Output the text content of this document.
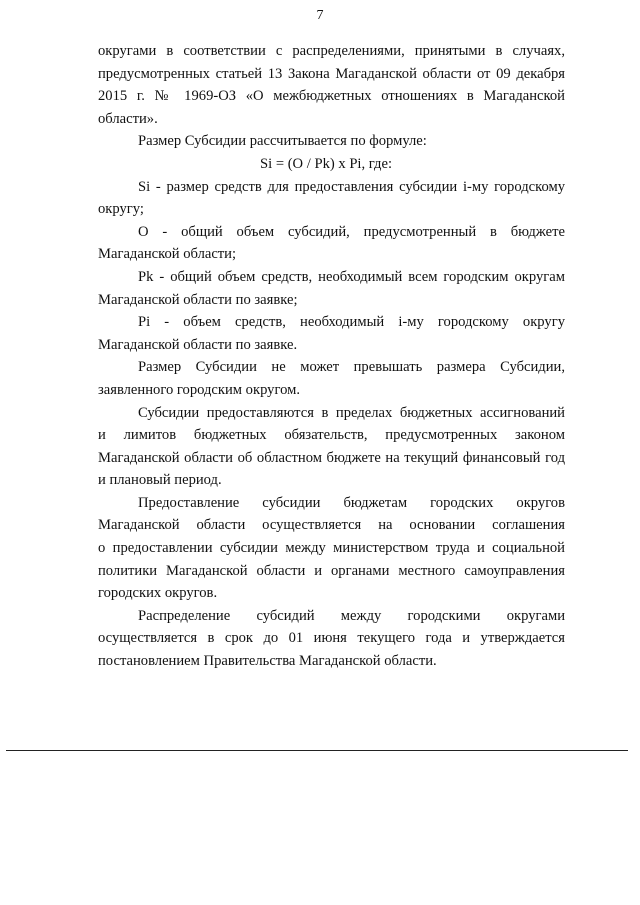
7

округами в соответствии с распределениями, принятыми в случаях,

предусмотренных статьей 13 Закона Магаданской области от 09 декабря

2015 г. № 1969-ОЗ «О межбюджетных отношениях в Магаданской

области».

Размер Субсидии рассчитывается по формуле:

Si = (O / Pk) x Pi, где:

Si - размер средств для предоставления субсидии i-му городскому

округу;

О - общий объем субсидий, предусмотренный в бюджете

Магаданской области;

Pk - общий объем средств, необходимый всем городским округам

Магаданской области по заявке;

Pi - объем средств, необходимый i-му городскому округу

Магаданской области по заявке.

Размер Субсидии не может превышать размера Субсидии,

заявленного городским округом.

Субсидии предоставляются в пределах бюджетных ассигнований

и лимитов бюджетных обязательств, предусмотренных законом

Магаданской области об областном бюджете на текущий финансовый год

и плановый период.

Предоставление субсидии бюджетам городских округов

Магаданской области осуществляется на основании соглашения

о предоставлении субсидии между министерством труда и социальной

политики Магаданской области и органами местного самоуправления

городских округов.

Распределение субсидий между городскими округами

осуществляется в срок до 01 июня текущего года и утверждается

постановлением Правительства Магаданской области.
